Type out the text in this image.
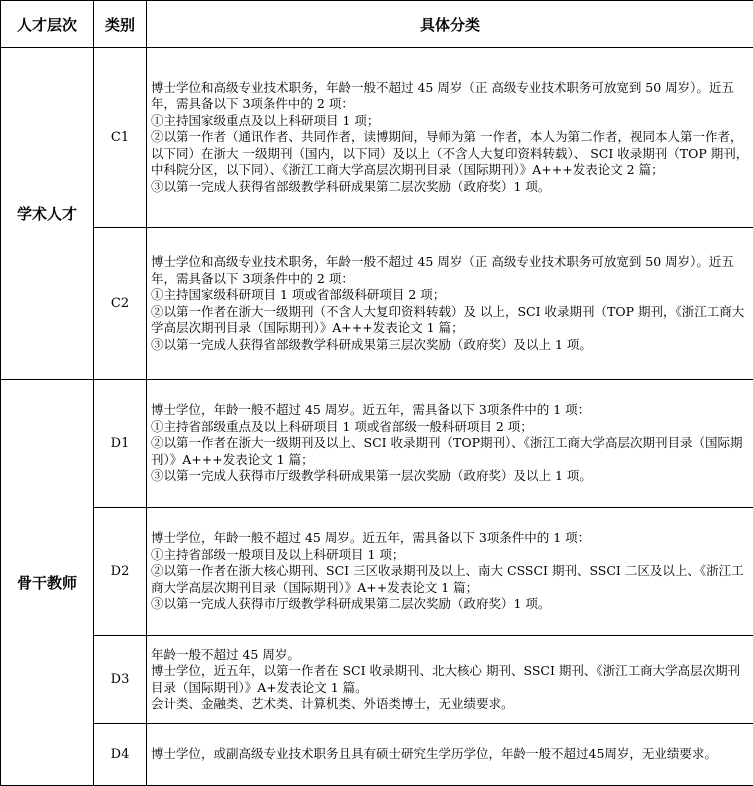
人才层次	类别	具体分类
学术人才	C1	博士学位和高级专业技术职务，年龄一般不超过 45 周岁（正 高级专业技术职务可放宽到 50 周岁）。近五年，需具备以下 3项条件中的 2 项：
①主持国家级重点及以上科研项目 1 项；
②以第一作者（通讯作者、共同作者，读博期间，导师为第 一作者，本人为第二作者，视同本人第一作者，以下同）在浙大 一级期刊（国内，以下同）及以上（不含人大复印资料转载）、 SCI 收录期刊（TOP 期刊，中科院分区，以下同）、《浙江工商大学高层次期刊目录（国际期刊）》A+++发表论文 2 篇；
③以第一完成人获得省部级教学科研成果第二层次奖励（政府奖）1 项。

	C2	博士学位和高级专业技术职务，年龄一般不超过 45 周岁（正 高级专业技术职务可放宽到 50 周岁）。近五年，需具备以下 3项条件中的 2 项：
①主持国家级科研项目 1 项或省部级科研项目 2 项；
②以第一作者在浙大一级期刊（不含人大复印资料转载）及 以上，SCI 收录期刊（TOP 期刊，《浙江工商大学高层次期刊目录（国际期刊）》A+++发表论文 1 篇；
③以第一完成人获得省部级教学科研成果第三层次奖励（政府奖）及以上 1 项。

骨干教师	D1	博士学位，年龄一般不超过 45 周岁。近五年，需具备以下 3项条件中的 1 项：
①主持省部级重点及以上科研项目 1 项或省部级一般科研项目 2 项；
②以第一作者在浙大一级期刊及以上、SCI 收录期刊（TOP期刊）、《浙江工商大学高层次期刊目录（国际期刊）》A+++发表论文 1 篇；
③以第一完成人获得市厅级教学科研成果第一层次奖励（政府奖）及以上 1 项。

	D2	博士学位，年龄一般不超过 45 周岁。近五年，需具备以下 3项条件中的 1 项：
①主持省部级一般项目及以上科研项目 1 项；
②以第一作者在浙大核心期刊、SCI 三区收录期刊及以上、南大 CSSCI 期刊、SSCI 二区及以上、《浙江工商大学高层次期刊目录（国际期刊）》A++发表论文 1 篇；
③以第一完成人获得市厅级教学科研成果第二层次奖励（政府奖）1 项。

	D3	年龄一般不超过 45 周岁。
博士学位，近五年，以第一作者在 SCI 收录期刊、北大核心 期刊、SSCI 期刊、《浙江工商大学高层次期刊目录（国际期刊）》A+发表论文 1 篇。
会计类、金融类、艺术类、计算机类、外语类博士，无业绩要求。

	D4	博士学位，或副高级专业技术职务且具有硕士研究生学历学位，年龄一般不超过45周岁，无业绩要求。
